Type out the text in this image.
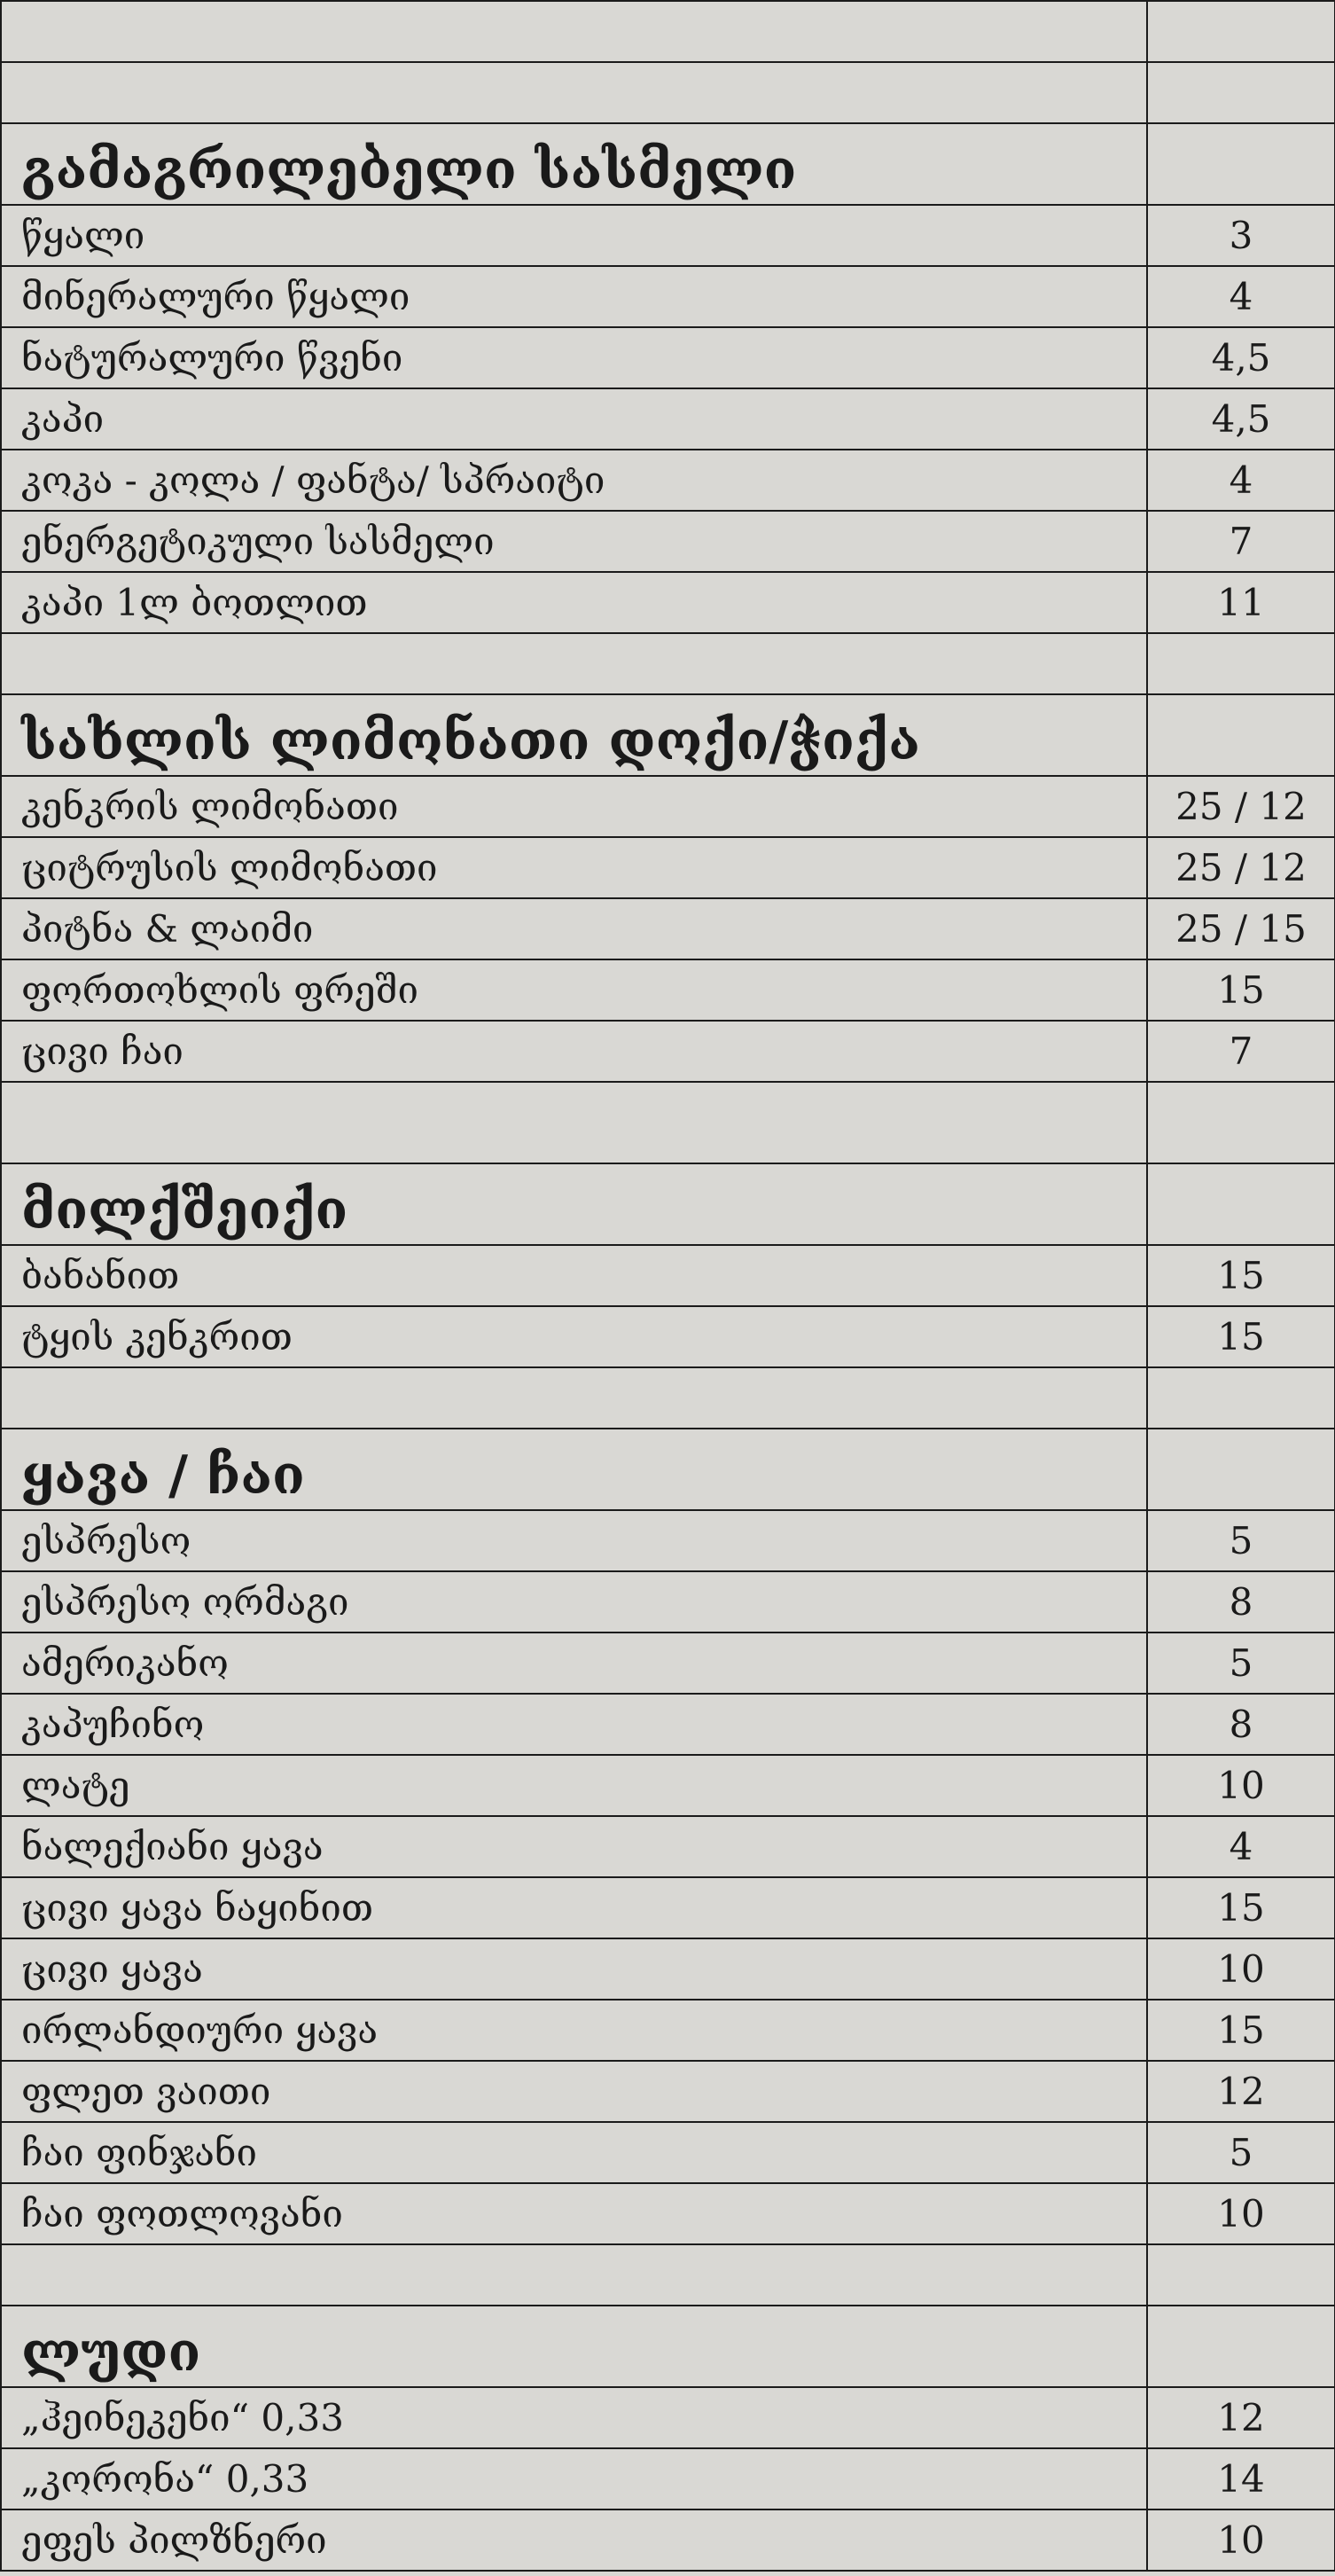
გამაგრილებელი სასმელი	
წყალი	3
მინერალური წყალი	4
ნატურალური წვენი	4,5
კაპი	4,5
კოკა - კოლა / ფანტა/ სპრაიტი	4
ენერგეტიკული სასმელი	7
კაპი 1ლ ბოთლით	11

სახლის ლიმონათი დოქი/ჭიქა	
კენკრის ლიმონათი	25 / 12
ციტრუსის ლიმონათი	25 / 12
პიტნა & ლაიმი	25 / 15
ფორთოხლის ფრეში	15
ცივი ჩაი	7

მილქშეიქი	
ბანანით	15
ტყის კენკრით	15

ყავა / ჩაი	
ესპრესო	5
ესპრესო ორმაგი	8
ამერიკანო	5
კაპუჩინო	8
ლატე	10
ნალექიანი ყავა	4
ცივი ყავა ნაყინით	15
ცივი ყავა	10
ირლანდიური ყავა	15
ფლეთ ვაითი	12
ჩაი ფინჯანი	5
ჩაი ფოთლოვანი	10

ლუდი	
„ჰეინეკენი“ 0,33	12
„კორონა“ 0,33	14
ეფეს პილზნერი	10
